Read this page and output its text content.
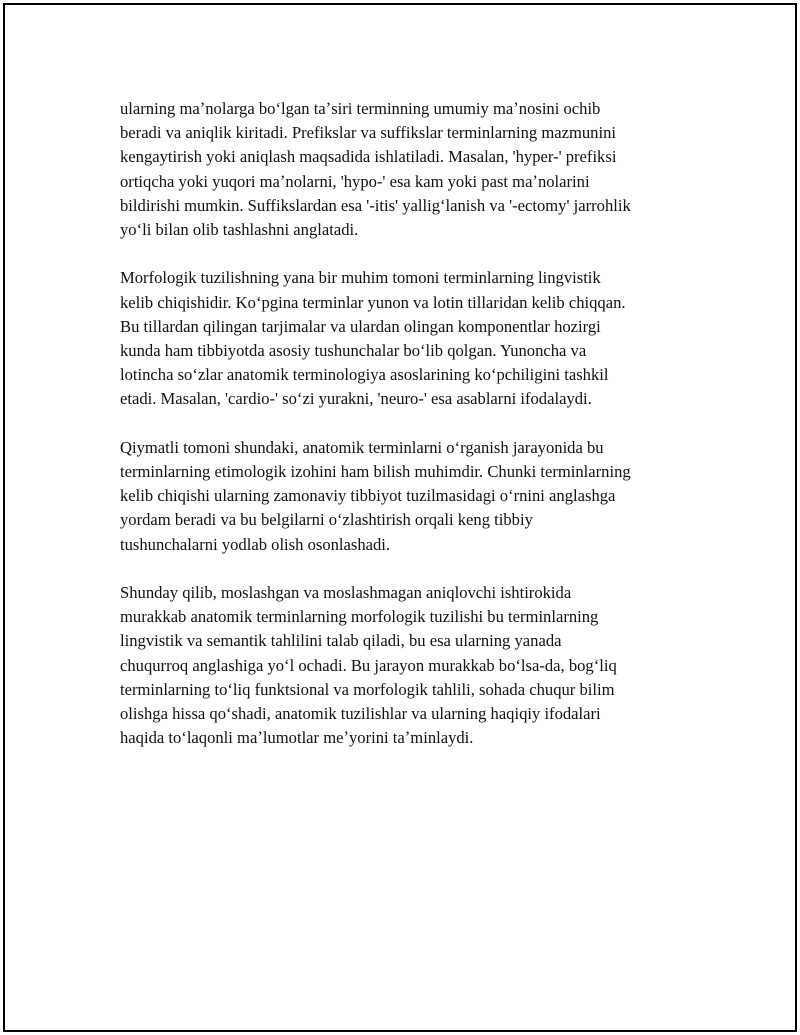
ularning maʼnolarga boʻlgan taʼsiri terminning umumiy maʼnosini ochib
beradi va aniqlik kiritadi. Prefikslar va suffikslar terminlarning mazmunini
kengaytirish yoki aniqlash maqsadida ishlatiladi. Masalan, 'hyper-' prefiksi
ortiqcha yoki yuqori maʼnolarni, 'hypo-' esa kam yoki past maʼnolarini
bildirishi mumkin. Suffikslardan esa '-itis' yallig‘lanish va '-ectomy' jarrohlik
yoʻli bilan olib tashlashni anglatadi.

Morfologik tuzilishning yana bir muhim tomoni terminlarning lingvistik
kelib chiqishidir. Koʻpgina terminlar yunon va lotin tillaridan kelib chiqqan.
Bu tillardan qilingan tarjimalar va ulardan olingan komponentlar hozirgi
kunda ham tibbiyotda asosiy tushunchalar boʻlib qolgan. Yunoncha va
lotincha soʻzlar anatomik terminologiya asoslarining koʻpchiligini tashkil
etadi. Masalan, 'cardio-' soʻzi yurakni, 'neuro-' esa asablarni ifodalaydi.

Qiymatli tomoni shundaki, anatomik terminlarni oʻrganish jarayonida bu
terminlarning etimologik izohini ham bilish muhimdir. Chunki terminlarning
kelib chiqishi ularning zamonaviy tibbiyot tuzilmasidagi oʻrnini anglashga
yordam beradi va bu belgilarni oʻzlashtirish orqali keng tibbiy
tushunchalarni yodlab olish osonlashadi.

Shunday qilib, moslashgan va moslashmagan aniqlovchi ishtirokida
murakkab anatomik terminlarning morfologik tuzilishi bu terminlarning
lingvistik va semantik tahlilini talab qiladi, bu esa ularning yanada
chuqurroq anglashiga yoʻl ochadi. Bu jarayon murakkab boʻlsa-da, bogʻliq
terminlarning toʻliq funktsional va morfologik tahlili, sohada chuqur bilim
olishga hissa qoʻshadi, anatomik tuzilishlar va ularning haqiqiy ifodalari
haqida toʻlaqonli maʼlumotlar meʼyorini taʼminlaydi.
